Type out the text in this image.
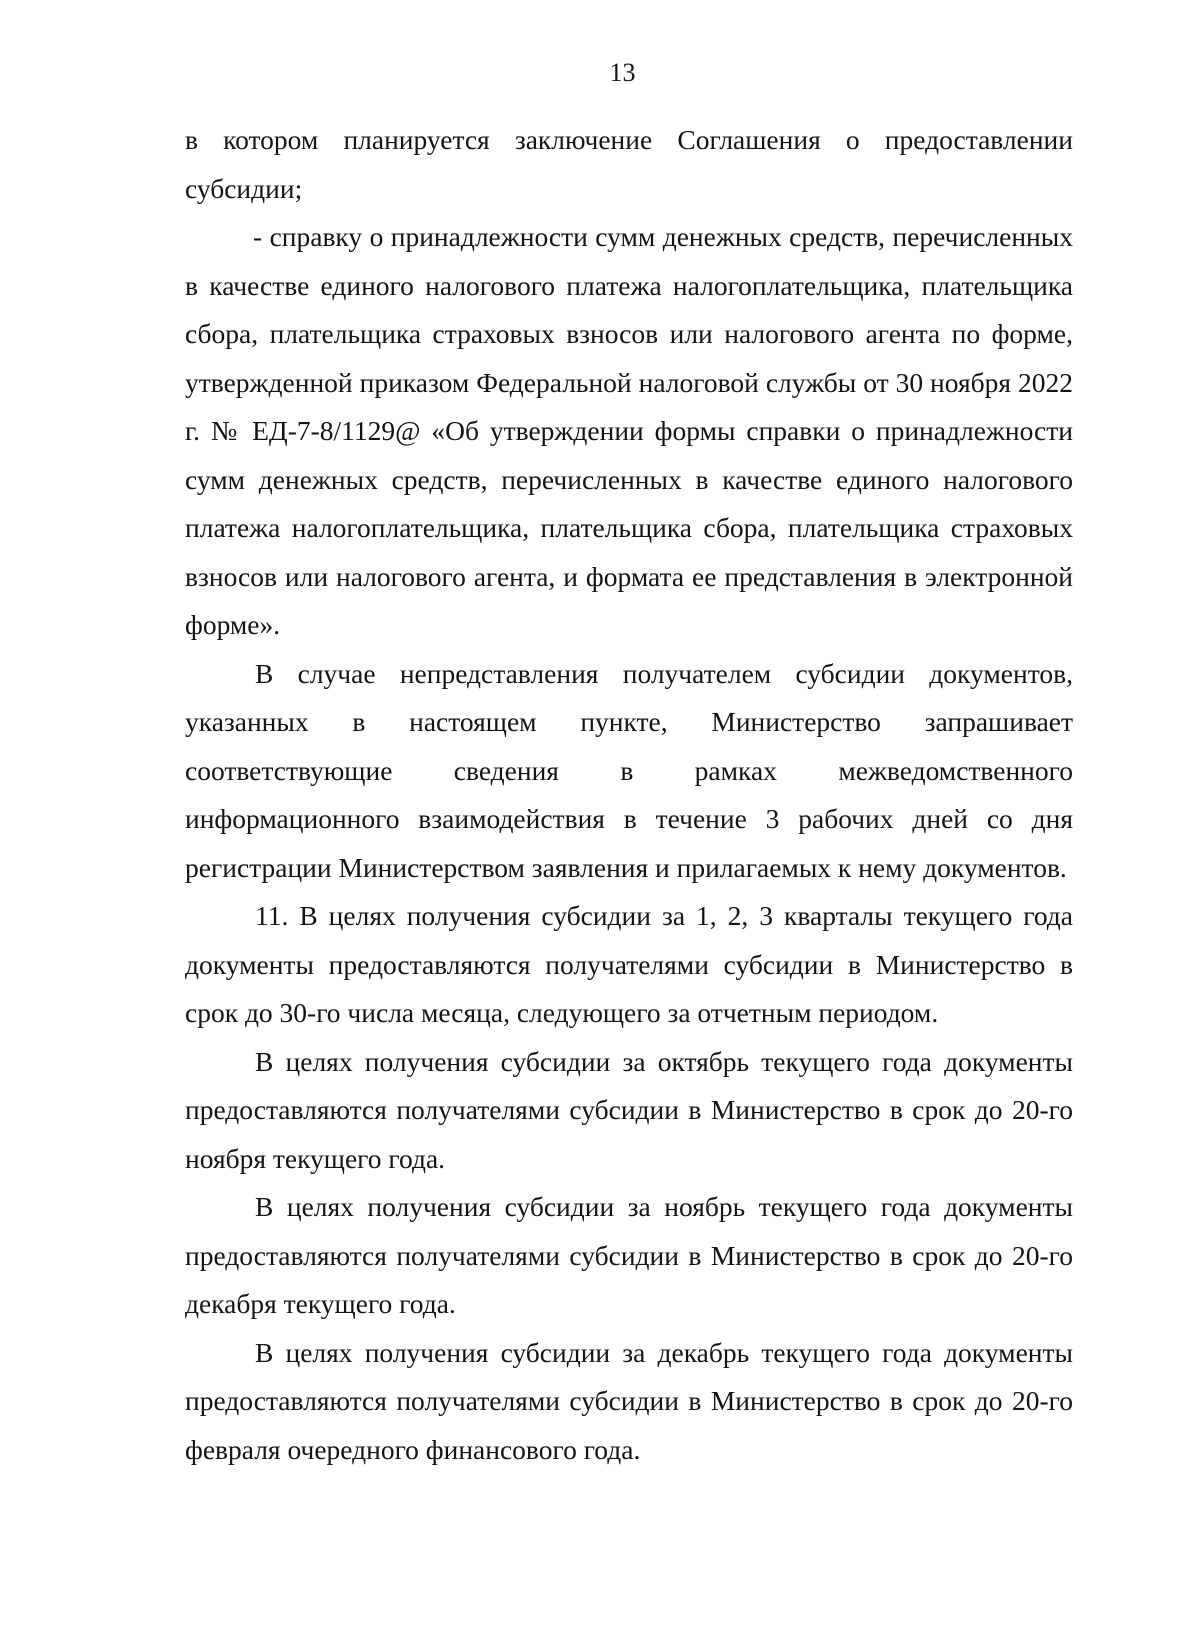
13

в котором планируется заключение Соглашения о предоставлении субсидии;

- справку о принадлежности сумм денежных средств, перечисленных в качестве единого налогового платежа налогоплательщика, плательщика сбора, плательщика страховых взносов или налогового агента по форме, утвержденной приказом Федеральной налоговой службы от 30 ноября 2022 г. № ЕД-7-8/1129@ «Об утверждении формы справки о принадлежности сумм денежных средств, перечисленных в качестве единого налогового платежа налогоплательщика, плательщика сбора, плательщика страховых взносов или налогового агента, и формата ее представления в электронной форме».

В случае непредставления получателем субсидии документов, указанных в настоящем пункте, Министерство запрашивает соответствующие сведения в рамках межведомственного информационного взаимодействия в течение 3 рабочих дней со дня регистрации Министерством заявления и прилагаемых к нему документов.

11. В целях получения субсидии за 1, 2, 3 кварталы текущего года документы предоставляются получателями субсидии в Министерство в срок до 30-го числа месяца, следующего за отчетным периодом.

В целях получения субсидии за октябрь текущего года документы предоставляются получателями субсидии в Министерство в срок до 20-го ноября текущего года.

В целях получения субсидии за ноябрь текущего года документы предоставляются получателями субсидии в Министерство в срок до 20-го декабря текущего года.

В целях получения субсидии за декабрь текущего года документы предоставляются получателями субсидии в Министерство в срок до 20-го февраля очередного финансового года.
